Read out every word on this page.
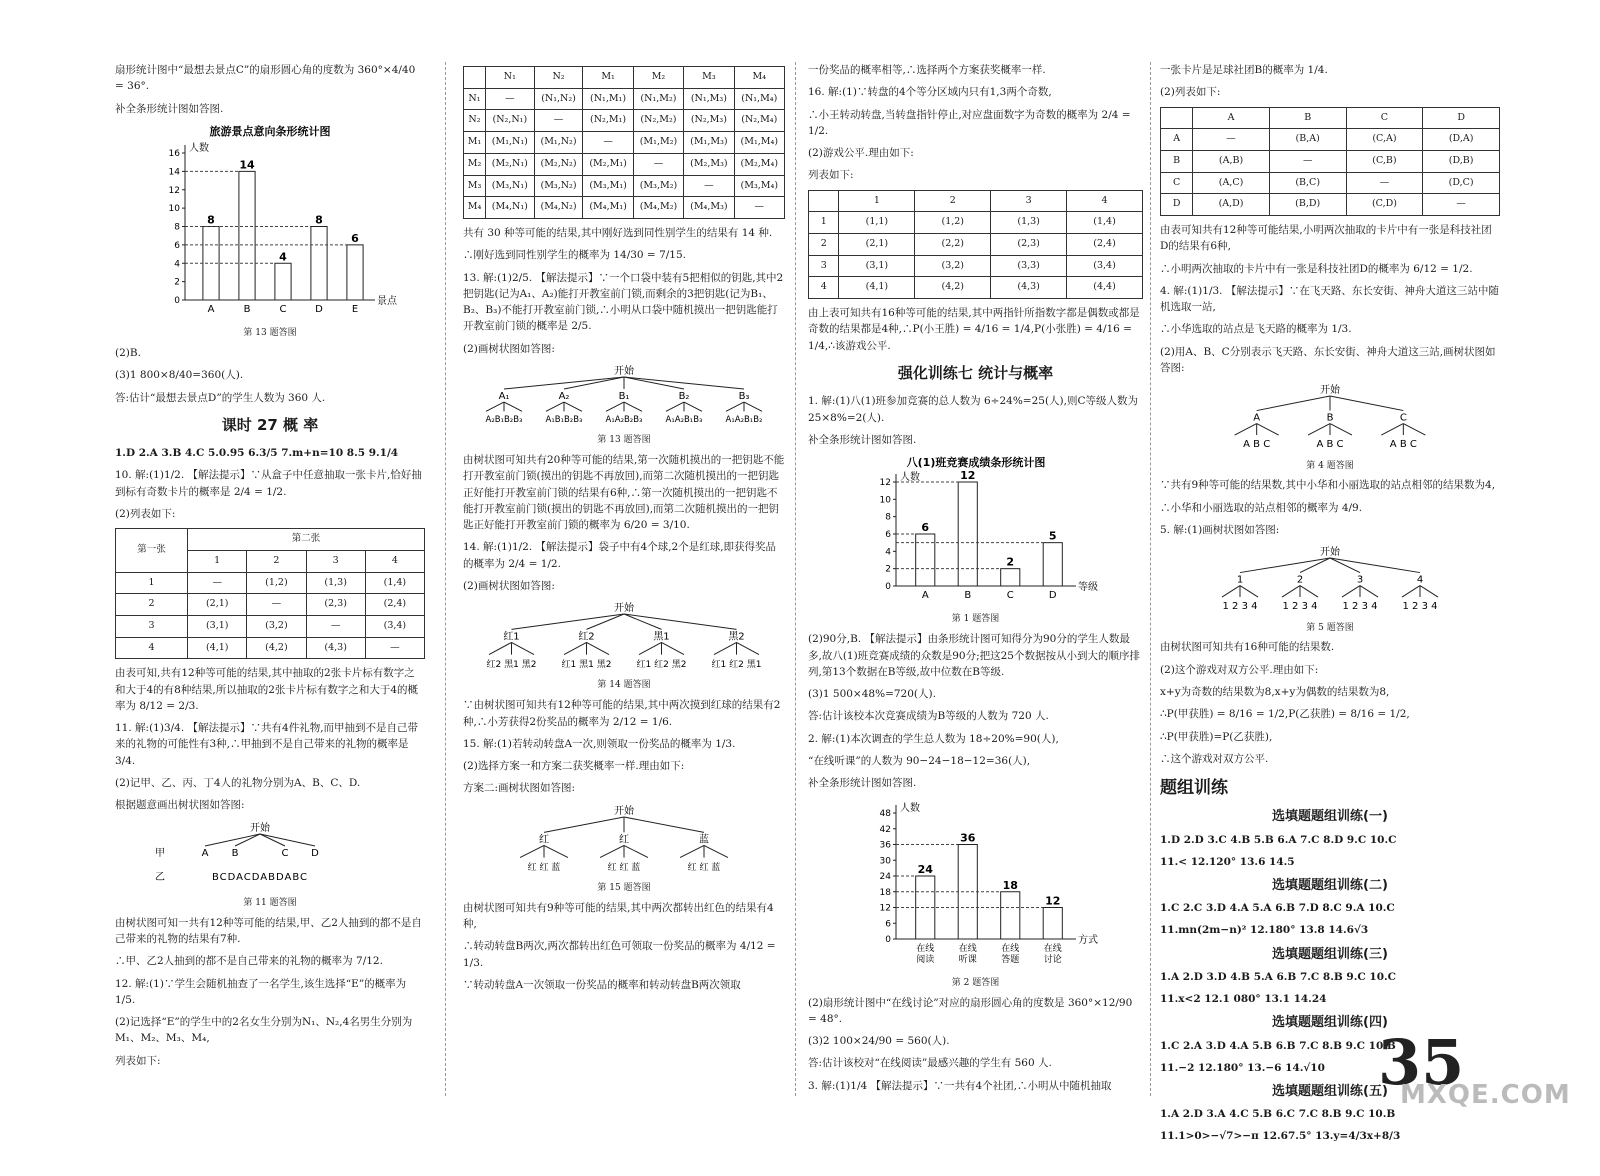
扇形统计图中“最想去景点C”的扇形圆心角的度数为 360°×4/40 = 36°.

补全条形统计图如答图.

旅游景点意向条形统计图
人数
0
2
4
6
8
10
12
14
16
景点
8
A
14
B
4
C
8
D
6
E

第 13 题答图

(2)B.

(3)1 800×8/40=360(人).

答:估计“最想去景点D”的学生人数为 360 人.

课时 27 概 率

1.D 2.A 3.B 4.C 5.0.95 6.3/5 7.m+n=10 8.5 9.1/4

10. 解:(1)1/2. 【解法提示】∵从盒子中任意抽取一张卡片,恰好抽到标有奇数卡片的概率是 2/4 = 1/2.

(2)列表如下:

第一张	第二张			
	1	2	3	4
1	—	(1,2)	(1,3)	(1,4)
2	(2,1)	—	(2,3)	(2,4)
3	(3,1)	(3,2)	—	(3,4)
4	(4,1)	(4,2)	(4,3)	—

由表可知,共有12种等可能的结果,其中抽取的2张卡片标有数字之和大于4的有8种结果,所以抽取的2张卡片标有数字之和大于4的概率为 8/12 = 2/3.

11. 解:(1)3/4. 【解法提示】∵共有4件礼物,而甲抽到不是自己带来的礼物的可能性有3种,∴甲抽到不是自己带来的礼物的概率是 3/4.

(2)记甲、乙、丙、丁4人的礼物分别为A、B、C、D.

根据题意画出树状图如答图:

开始
甲	A B	C D
乙	BCDACDABDABC

第 11 题答图

由树状图可知一共有12种等可能的结果,甲、乙2人抽到的都不是自己带来的礼物的结果有7种.

∴甲、乙2人抽到的都不是自己带来的礼物的概率为 7/12.

12. 解:(1)∵学生会随机抽查了一名学生,该生选择“E”的概率为 1/5.

(2)记选择“E”的学生中的2名女生分别为N₁、N₂,4名男生分别为M₁、M₂、M₃、M₄,

列表如下:

	N₁	N₂	M₁	M₂	M₃	M₄
N₁	—	(N₁,N₂)	(N₁,M₁)	(N₁,M₂)	(N₁,M₃)	(N₁,M₄)
N₂	(N₂,N₁)	—	(N₂,M₁)	(N₂,M₂)	(N₂,M₃)	(N₂,M₄)
M₁	(M₁,N₁)	(M₁,N₂)	—	(M₁,M₂)	(M₁,M₃)	(M₁,M₄)
M₂	(M₂,N₁)	(M₂,N₂)	(M₂,M₁)	—	(M₂,M₃)	(M₂,M₄)
M₃	(M₃,N₁)	(M₃,N₂)	(M₃,M₁)	(M₃,M₂)	—	(M₃,M₄)
M₄	(M₄,N₁)	(M₄,N₂)	(M₄,M₁)	(M₄,M₂)	(M₄,M₃)	—

共有 30 种等可能的结果,其中刚好选到同性别学生的结果有 14 种.

∴刚好选到同性别学生的概率为 14/30 = 7/15.

13. 解:(1)2/5. 【解法提示】∵一个口袋中装有5把相似的钥匙,其中2把钥匙(记为A₁、A₂)能打开教室前门锁,而剩余的3把钥匙(记为B₁、B₂、B₃)不能打开教室前门锁,∴小明从口袋中随机摸出一把钥匙能打开教室前门锁的概率是 2/5.

(2)画树状图如答图:

开始
A₁
A₂B₁B₂B₃
A₂
A₁B₁B₂B₃
B₁
A₁A₂B₂B₃
B₂
A₁A₂B₁B₃
B₃
A₁A₂B₁B₂

第 13 题答图

由树状图可知共有20种等可能的结果,第一次随机摸出的一把钥匙不能打开教室前门锁(摸出的钥匙不再放回),而第二次随机摸出的一把钥匙正好能打开教室前门锁的结果有6种,∴第一次随机摸出的一把钥匙不能打开教室前门锁(摸出的钥匙不再放回),而第二次随机摸出的一把钥匙正好能打开教室前门锁的概率为 6/20 = 3/10.

14. 解:(1)1/2. 【解法提示】袋子中有4个球,2个是红球,即获得奖品的概率为 2/4 = 1/2.

(2)画树状图如答图:

开始
红1
红2 黑1 黑2
红2
红1 黑1 黑2
黑1
红1 红2 黑2
黑2
红1 红2 黑1

第 14 题答图

∵由树状图可知共有12种等可能的结果,其中两次摸到红球的结果有2种,∴小芳获得2份奖品的概率为 2/12 = 1/6.

15. 解:(1)若转动转盘A一次,则领取一份奖品的概率为 1/3.

(2)选择方案一和方案二获奖概率一样.理由如下:

方案二:画树状图如答图:

开始
红
红 红 蓝
红
红 红 蓝
蓝
红 红 蓝

第 15 题答图

由树状图可知共有9种等可能的结果,其中两次都转出红色的结果有4种,

∴转动转盘B两次,两次都转出红色可领取一份奖品的概率为 4/12 = 1/3.

∵转动转盘A一次领取一份奖品的概率和转动转盘B两次领取

一份奖品的概率相等,∴选择两个方案获奖概率一样.

16. 解:(1)∵转盘的4个等分区域内只有1,3两个奇数,

∴小王转动转盘,当转盘指针停止,对应盘面数字为奇数的概率为 2/4 = 1/2.

(2)游戏公平.理由如下:

列表如下:

	1	2	3	4
1	(1,1)	(1,2)	(1,3)	(1,4)
2	(2,1)	(2,2)	(2,3)	(2,4)
3	(3,1)	(3,2)	(3,3)	(3,4)
4	(4,1)	(4,2)	(4,3)	(4,4)

由上表可知共有16种等可能的结果,其中两指针所指数字都是偶数或都是奇数的结果都是4种,∴P(小王胜) = 4/16 = 1/4,P(小张胜) = 4/16 = 1/4,∴该游戏公平.

强化训练七 统计与概率

1. 解:(1)八(1)班参加竞赛的总人数为 6÷24%=25(人),则C等级人数为 25×8%=2(人).

补全条形统计图如答图.

八(1)班竞赛成绩条形统计图
人数
0
2
4
6
8
10
12
等级
6
A
12
B
2
C
5
D

第 1 题答图

(2)90分,B. 【解法提示】由条形统计图可知得分为90分的学生人数最多,故八(1)班竞赛成绩的众数是90分;把这25个数据按从小到大的顺序排列,第13个数据在B等级,故中位数在B等级.

(3)1 500×48%=720(人).

答:估计该校本次竞赛成绩为B等级的人数为 720 人.

2. 解:(1)本次调查的学生总人数为 18÷20%=90(人),

“在线听课”的人数为 90−24−18−12=36(人),

补全条形统计图如答图.

人数
0
6
12
18
24
30
36
42
48
方式
24
在线
阅读
36
在线
听课
18
在线
答题
12
在线
讨论

第 2 题答图

(2)扇形统计图中“在线讨论”对应的扇形圆心角的度数是 360°×12/90 = 48°.

(3)2 100×24/90 = 560(人).

答:估计该校对“在线阅读”最感兴趣的学生有 560 人.

3. 解:(1)1/4 【解法提示】∵一共有4个社团,∴小明从中随机抽取

一张卡片是足球社团B的概率为 1/4.

(2)列表如下:

	A	B	C	D
A	—	(B,A)	(C,A)	(D,A)
B	(A,B)	—	(C,B)	(D,B)
C	(A,C)	(B,C)	—	(D,C)
D	(A,D)	(B,D)	(C,D)	—

由表可知共有12种等可能结果,小明两次抽取的卡片中有一张是科技社团D的结果有6种,

∴小明两次抽取的卡片中有一张是科技社团D的概率为 6/12 = 1/2.

4. 解:(1)1/3. 【解法提示】∵在飞天路、东长安街、神舟大道这三站中随机选取一站,

∴小华选取的站点是飞天路的概率为 1/3.

(2)用A、B、C分别表示飞天路、东长安街、神舟大道这三站,画树状图如答图:

开始
A
A B C
B
A B C
C
A B C

第 4 题答图

∵共有9种等可能的结果数,其中小华和小丽选取的站点相邻的结果数为4,

∴小华和小丽选取的站点相邻的概率为 4/9.

5. 解:(1)画树状图如答图:

开始
1
1 2 3 4
2
1 2 3 4
3
1 2 3 4
4
1 2 3 4

第 5 题答图

由树状图可知共有16种可能的结果数.

(2)这个游戏对双方公平.理由如下:

x+y为奇数的结果数为8,x+y为偶数的结果数为8,

∴P(甲获胜) = 8/16 = 1/2,P(乙获胜) = 8/16 = 1/2,

∴P(甲获胜)=P(乙获胜),

∴这个游戏对双方公平.

题组训练
选填题题组训练(一)

1.D 2.D 3.C 4.B 5.B 6.A 7.C 8.D 9.C 10.C

11.< 12.120° 13.6 14.5

选填题题组训练(二)

1.C 2.C 3.D 4.A 5.A 6.B 7.D 8.C 9.A 10.C

11.mn(2m−n)² 12.180° 13.8 14.6√3

选填题题组训练(三)

1.A 2.D 3.D 4.B 5.A 6.B 7.C 8.B 9.C 10.C

11.x<2 12.1 080° 13.1 14.24

选填题题组训练(四)

1.C 2.A 3.D 4.A 5.B 6.B 7.C 8.B 9.C 10.B

11.−2 12.180° 13.−6 14.√10

选填题题组训练(五)

1.A 2.D 3.A 4.C 5.B 6.C 7.C 8.B 9.C 10.B

11.1>0>−√7>−π 12.67.5° 13.y=4/3x+8/3

35
MXQE.COM
